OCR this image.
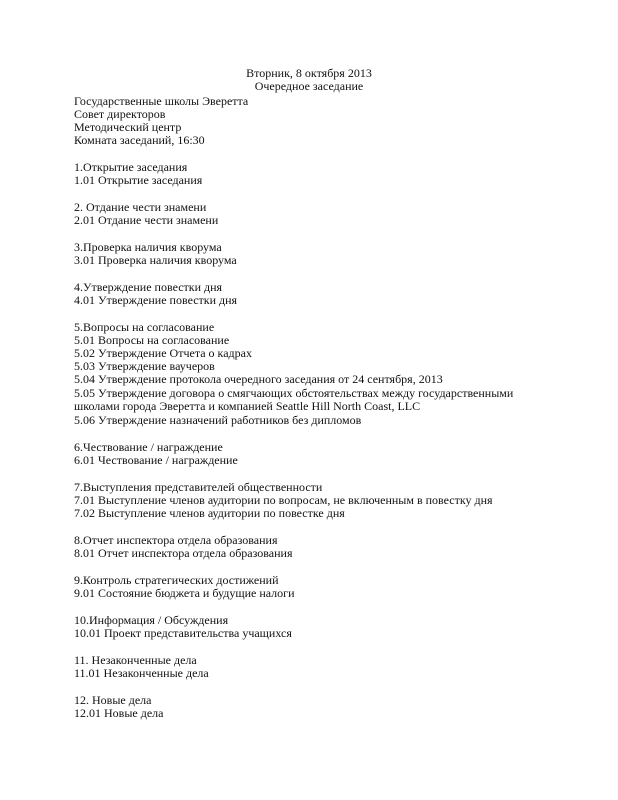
Вторник, 8 октября 2013
Очередное заседание
Государственные школы Эверетта
Совет директоров
Методический центр
Комната заседаний, 16:30
1.Открытие заседания
1.01 Открытие заседания
2. Отдание чести знамени
2.01 Отдание чести знамени
3.Проверка наличия кворума
3.01 Проверка наличия кворума
4.Утверждение повестки дня
4.01 Утверждение повестки дня
5.Вопросы на согласование
5.01 Вопросы на согласование
5.02 Утверждение Отчета о кадрах
5.03 Утверждение ваучеров
5.04 Утверждение протокола очередного заседания от 24 сентября, 2013
5.05 Утверждение договора о смягчающих обстоятельствах между государственными
школами города Эверетта и компанией Seattle Hill North Coast, LLC
5.06 Утверждение назначений работников без дипломов
6.Чествование / награждение
6.01 Чествование / награждение
7.Выступления представителей общественности
7.01 Выступление членов аудитории по вопросам, не включенным в повестку дня
7.02 Выступление членов аудитории по повестке дня
8.Отчет инспектора отдела образования
8.01 Отчет инспектора отдела образования
9.Контроль стратегических достижений
9.01 Состояние бюджета и будущие налоги
10.Информация / Обсуждения
10.01 Проект представительства учащихся
11. Незаконченные дела
11.01 Незаконченные дела
12. Новые дела
12.01 Новые дела
